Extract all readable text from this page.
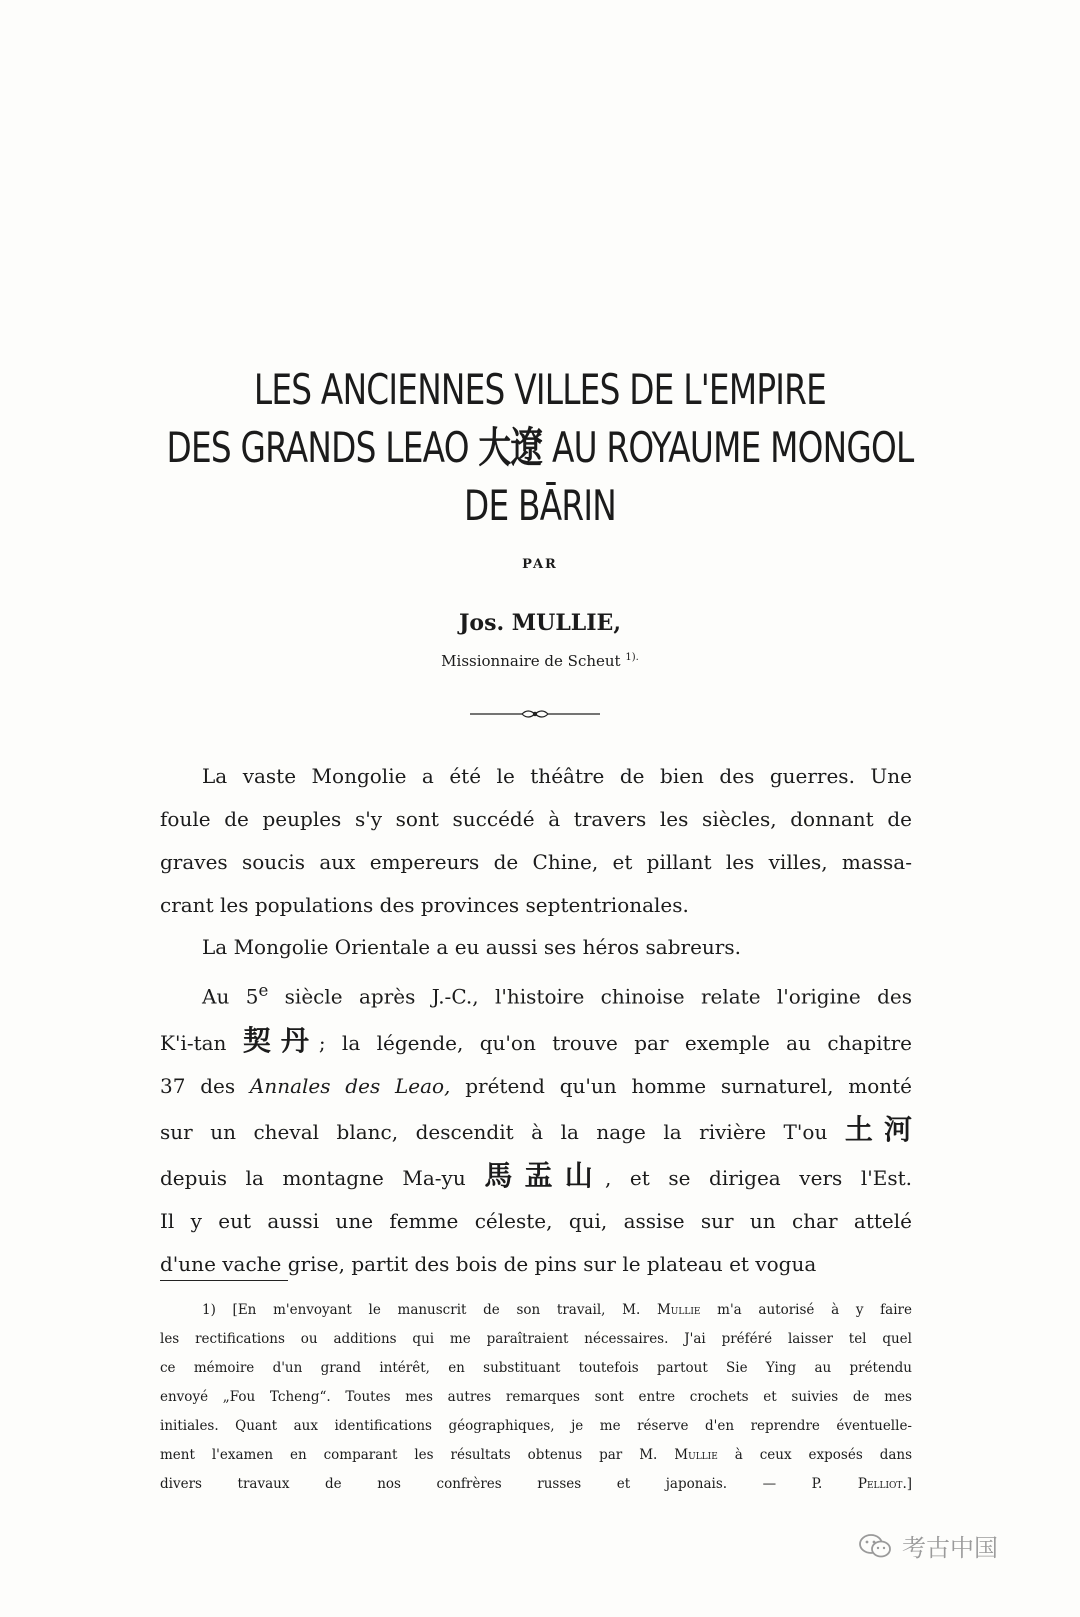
LES ANCIENNES VILLES DE L'EMPIRE
DES GRANDS LEAO 大遼 AU ROYAUME MONGOL
DE BĀRIN
PAR
Jos. MULLIE,
Missionnaire de Scheut $^{1).}$
La vaste Mongolie a été le théâtre de bien des guerres. Une
foule de peuples s'y sont succédé à travers les siècles, donnant de
graves soucis aux empereurs de Chine, et pillant les villes, massa-
crant les populations des provinces septentrionales.
La Mongolie Orientale a eu aussi ses héros sabreurs.
Au 5e siècle après J.-C., l'histoire chinoise relate l'origine des
K'i-tan 契丹; la légende, qu'on trouve par exemple au chapitre
37 des Annales des Leao, prétend qu'un homme surnaturel, monté
sur un cheval blanc, descendit à la nage la rivière T'ou 土河
depuis la montagne Ma-yu 馬盂山, et se dirigea vers l'Est.
Il y eut aussi une femme céleste, qui, assise sur un char attelé
d'une vache grise, partit des bois de pins sur le plateau et vogua
1) [En m'envoyant le manuscrit de son travail, M. Mullie m'a autorisé à y faire
les rectifications ou additions qui me paraîtraient nécessaires. J'ai préféré laisser tel quel
ce mémoire d'un grand intérêt, en substituant toutefois partout Sie Ying au prétendu
envoyé „Fou Tcheng“. Toutes mes autres remarques sont entre crochets et suivies de mes
initiales. Quant aux identifications géographiques, je me réserve d'en reprendre éventuelle-
ment l'examen en comparant les résultats obtenus par M. Mullie à ceux exposés dans
divers travaux de nos confrères russes et japonais. — P.	Pelliot.]
考古中国
